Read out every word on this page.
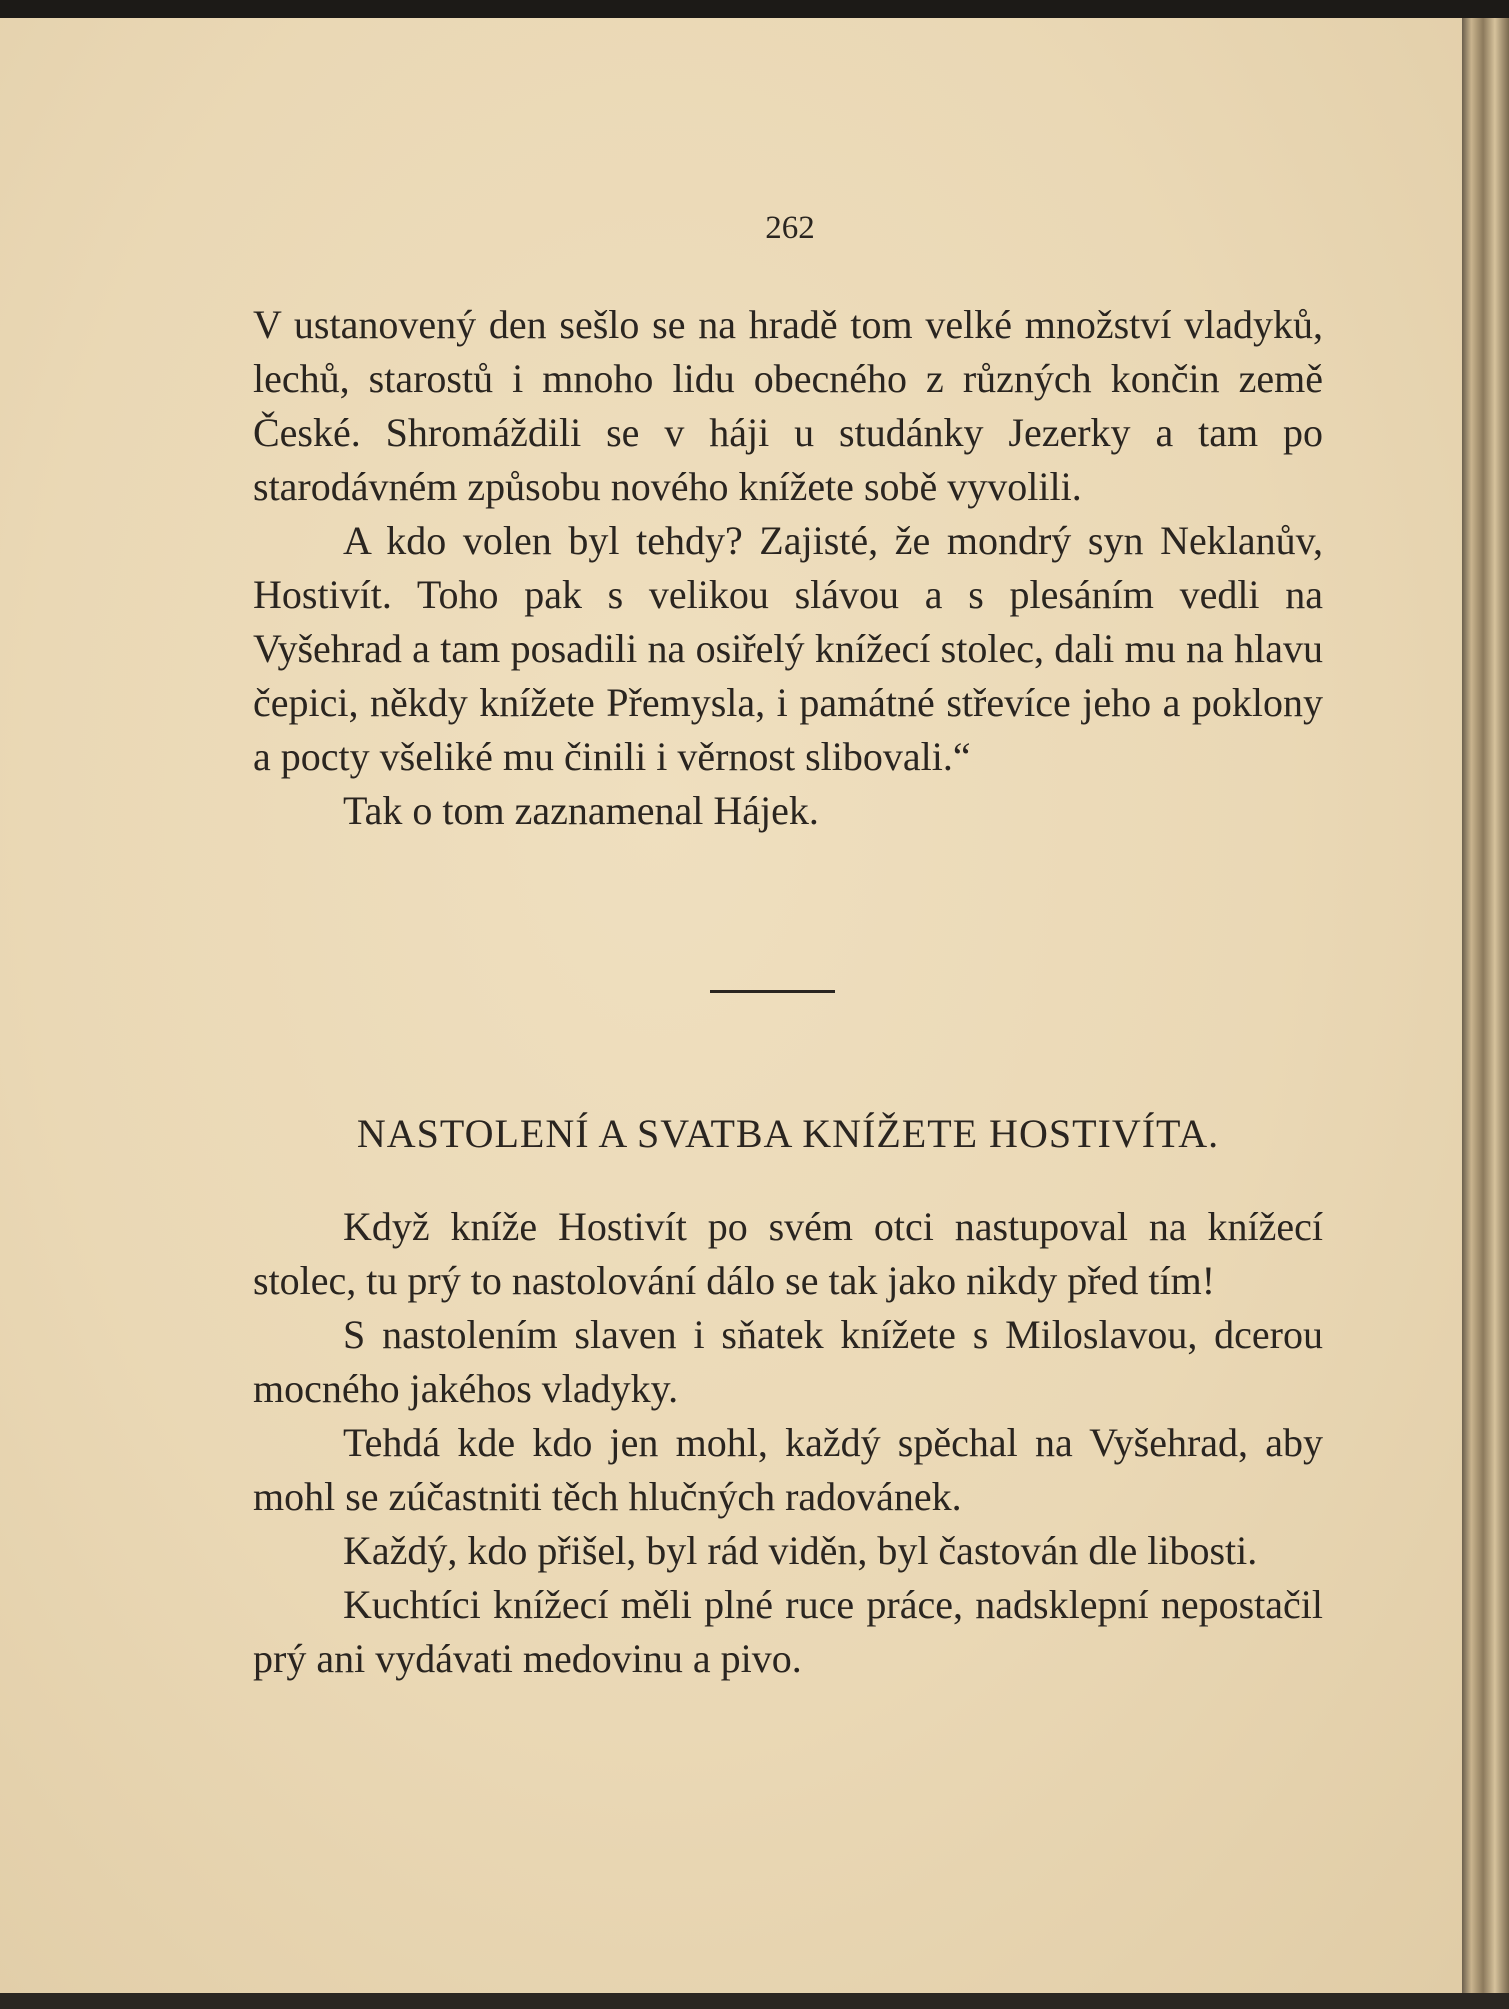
262

V ustanovený den sešlo se na hradě tom velké množství vladyků, lechů, starostů i mnoho lidu obecného z různých končin země České. Shromáždili se v háji u studánky Jezerky a tam po starodávném způsobu nového knížete sobě vyvolili.

A kdo volen byl tehdy? Zajisté, že mondrý syn Neklanův, Hostivít. Toho pak s velikou slávou a s plesáním vedli na Vyšehrad a tam posadili na osiřelý knížecí stolec, dali mu na hlavu čepici, někdy knížete Přemysla, i památné střevíce jeho a poklony a pocty všeliké mu činili i věrnost slibovali.“

Tak o tom zaznamenal Hájek.

NASTOLENÍ A SVATBA KNÍŽETE HOSTIVÍTA.

Když kníže Hostivít po svém otci nastupoval na knížecí stolec, tu prý to nastolování dálo se tak jako nikdy před tím!

S nastolením slaven i sňatek knížete s Miloslavou, dcerou mocného jakéhos vladyky.

Tehdá kde kdo jen mohl, každý spěchal na Vyšehrad, aby mohl se zúčastniti těch hlučných radovánek.

Každý, kdo přišel, byl rád viděn, byl častován dle libosti.

Kuchtíci knížecí měli plné ruce práce, nadsklepní nepostačil prý ani vydávati medovinu a pivo.
